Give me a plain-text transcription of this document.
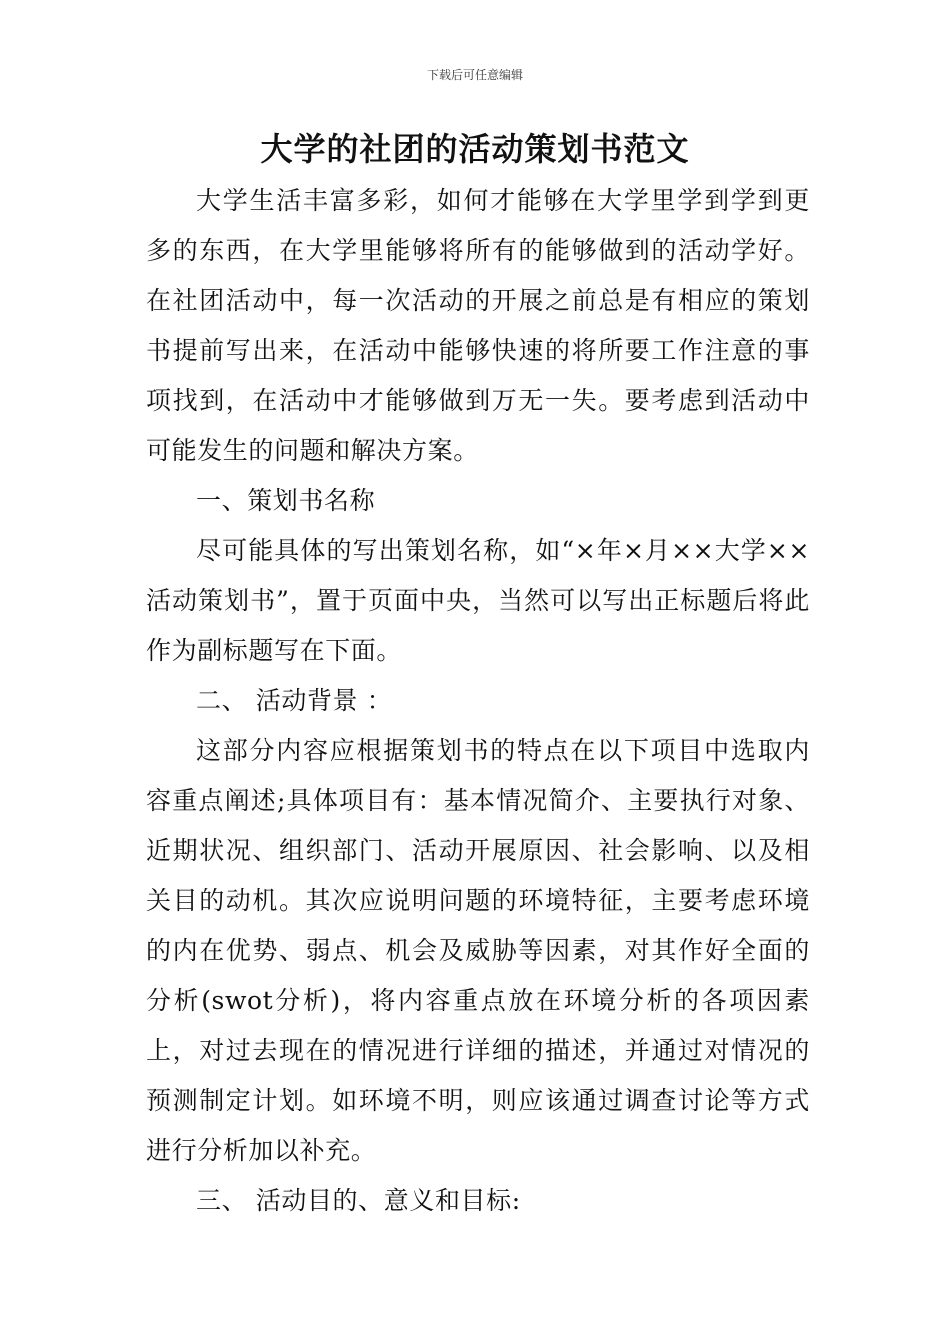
下载后可任意编辑
大学的社团的活动策划书范文

大学生活丰富多彩，如何才能够在大学里学到学到更多的东西，在大学里能够将所有的能够做到的活动学好。在社团活动中，每一次活动的开展之前总是有相应的策划书提前写出来，在活动中能够快速的将所要工作注意的事项找到，在活动中才能够做到万无一失。要考虑到活动中可能发生的问题和解决方案。

一、策划书名称

尽可能具体的写出策划名称，如“×年×月××大学××活动策划书”，置于页面中央，当然可以写出正标题后将此作为副标题写在下面。

二、 活动背景 ：

这部分内容应根据策划书的特点在以下项目中选取内容重点阐述;具体项目有：基本情况简介、主要执行对象、近期状况、组织部门、活动开展原因、社会影响、以及相关目的动机。其次应说明问题的环境特征，主要考虑环境的内在优势、弱点、机会及威胁等因素，对其作好全面的分析(swot分析)，将内容重点放在环境分析的各项因素上，对过去现在的情况进行详细的描述，并通过对情况的预测制定计划。如环境不明，则应该通过调查讨论等方式进行分析加以补充。

三、 活动目的、意义和目标:
